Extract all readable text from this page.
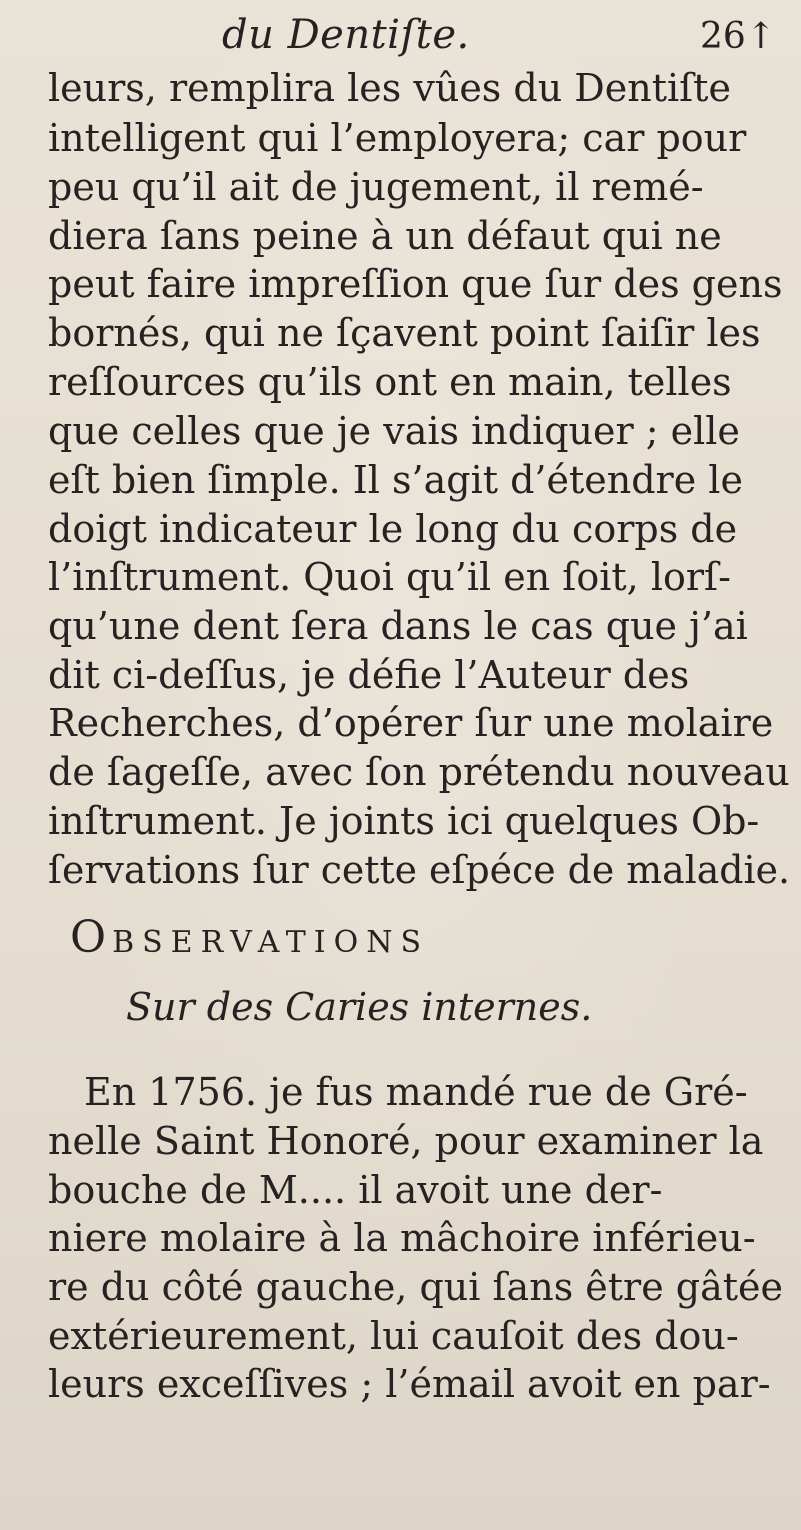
du Dentiſte.	26↑
leurs, remplira les vûes du Dentiſte
intelligent qui l’employera; car pour
peu qu’il ait de jugement, il remé-
diera ſans peine à un défaut qui ne
peut faire impreſſion que ſur des gens
bornés, qui ne ſçavent point ſaiſir les
reſſources qu’ils ont en main, telles
que celles que je vais indiquer ; elle
eſt bien ſimple. Il s’agit d’étendre le
doigt indicateur le long du corps de
l’inſtrument. Quoi qu’il en ſoit, lorſ-
qu’une dent ſera dans le cas que j’ai
dit ci-deſſus, je défie l’Auteur des
Recherches, d’opérer ſur une molaire
de ſageſſe, avec ſon prétendu nouveau
inſtrument. Je joints ici quelques Ob-
ſervations ſur cette eſpéce de maladie.
OBSERVATIONS
Sur des Caries internes.
En 1756. je fus mandé rue de Gré-
nelle Saint Honoré, pour examiner la
bouche de M.... il avoit une der-
niere molaire à la mâchoire inférieu-
re du côté gauche, qui ſans être gâtée
extérieurement, lui cauſoit des dou-
leurs exceſſives ; l’émail avoit en par-
